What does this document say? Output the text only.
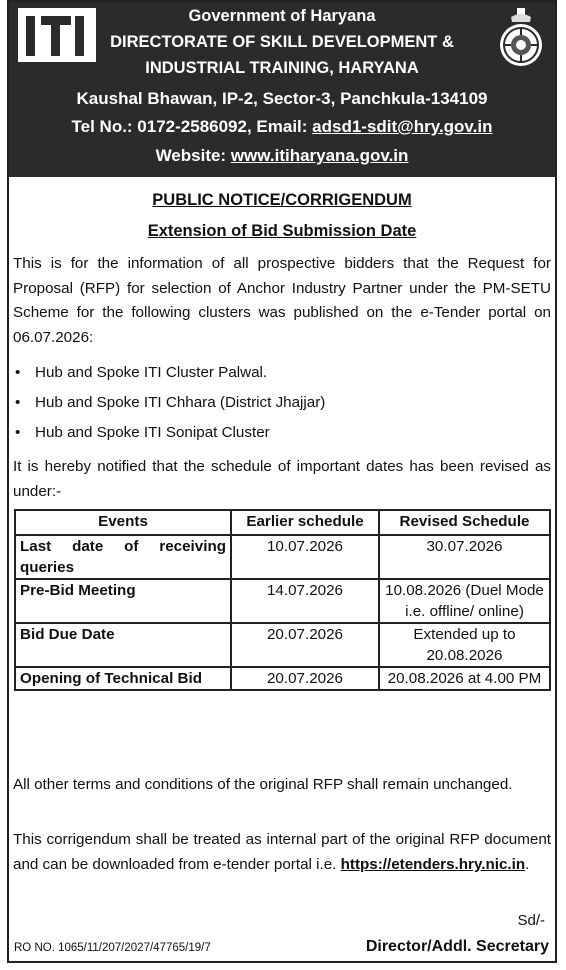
Government of Haryana
DIRECTORATE OF SKILL DEVELOPMENT &
INDUSTRIAL TRAINING, HARYANA
Kaushal Bhawan, IP-2, Sector-3, Panchkula-134109
Tel No.: 0172-2586092, Email: adsd1-sdit@hry.gov.in
Website: www.itiharyana.gov.in
PUBLIC NOTICE/CORRIGENDUM
Extension of Bid Submission Date
This is for the information of all prospective bidders that the Request for Proposal (RFP) for selection of Anchor Industry Partner under the PM-SETU Scheme for the following clusters was published on the e-Tender portal on 06.07.2026:
• Hub and Spoke ITI Cluster Palwal.
• Hub and Spoke ITI Chhara (District Jhajjar)
• Hub and Spoke ITI Sonipat Cluster
It is hereby notified that the schedule of important dates has been revised as under:-
Events	Earlier schedule	Revised Schedule
Last date of receiving queries	10.07.2026	30.07.2026
Pre-Bid Meeting	14.07.2026	10.08.2026 (Duel Mode i.e. offline/ online)
Bid Due Date	20.07.2026	Extended up to 20.08.2026
Opening of Technical Bid	20.07.2026	20.08.2026 at 4.00 PM
All other terms and conditions of the original RFP shall remain unchanged.
This corrigendum shall be treated as internal part of the original RFP document and can be downloaded from e-tender portal i.e. https://etenders.hry.nic.in.
Sd/-
RO NO. 1065/11/207/2027/47765/19/7	Director/Addl. Secretary
